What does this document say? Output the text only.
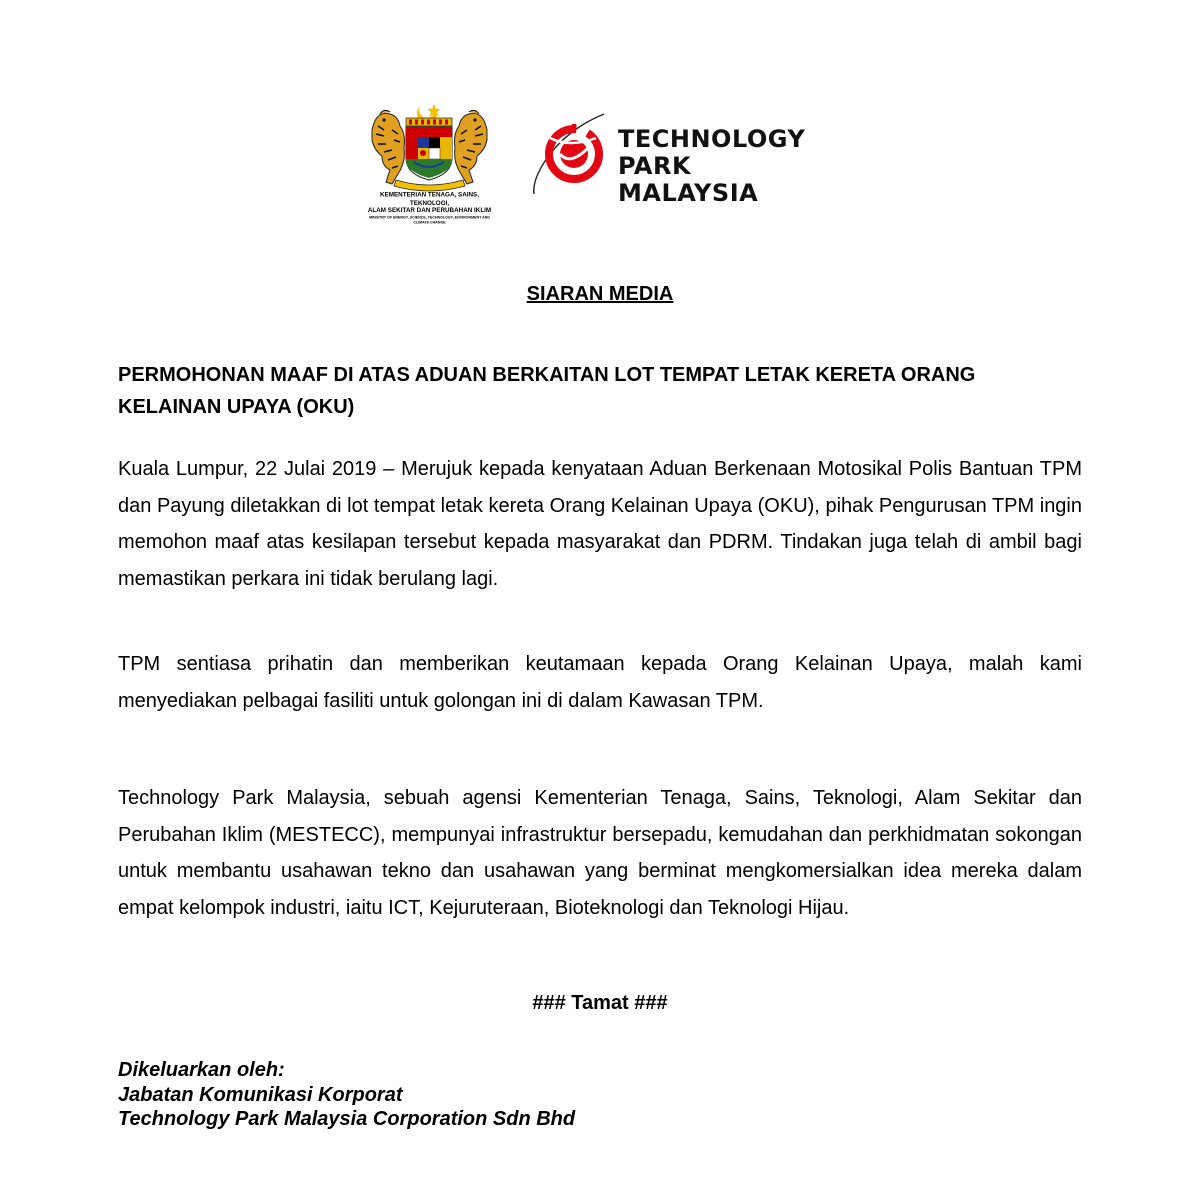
KEMENTERIAN TENAGA, SAINS, TEKNOLOGI,
ALAM SEKITAR DAN PERUBAHAN IKLIM
MINISTRY OF ENERGY, SCIENCE, TECHNOLOGY, ENVIRONMENT AND CLIMATE CHANGE
TECHNOLOGY PARK
MALAYSIA
SIARAN MEDIA
PERMOHONAN MAAF DI ATAS ADUAN BERKAITAN LOT TEMPAT LETAK KERETA ORANG KELAINAN UPAYA (OKU)
Kuala Lumpur, 22 Julai 2019 – Merujuk kepada kenyataan Aduan Berkenaan Motosikal Polis Bantuan TPM dan Payung diletakkan di lot tempat letak kereta Orang Kelainan Upaya (OKU), pihak Pengurusan TPM ingin memohon maaf atas kesilapan tersebut kepada masyarakat dan PDRM. Tindakan juga telah di ambil bagi memastikan perkara ini tidak berulang lagi.
TPM sentiasa prihatin dan memberikan keutamaan kepada Orang Kelainan Upaya, malah kami menyediakan pelbagai fasiliti untuk golongan ini di dalam Kawasan TPM.
Technology Park Malaysia, sebuah agensi Kementerian Tenaga, Sains, Teknologi, Alam Sekitar dan Perubahan Iklim (MESTECC), mempunyai infrastruktur bersepadu, kemudahan dan perkhidmatan sokongan untuk membantu usahawan tekno dan usahawan yang berminat mengkomersialkan idea mereka dalam empat kelompok industri, iaitu ICT, Kejuruteraan, Bioteknologi dan Teknologi Hijau.
### Tamat ###
Dikeluarkan oleh:
Jabatan Komunikasi Korporat
Technology Park Malaysia Corporation Sdn Bhd
